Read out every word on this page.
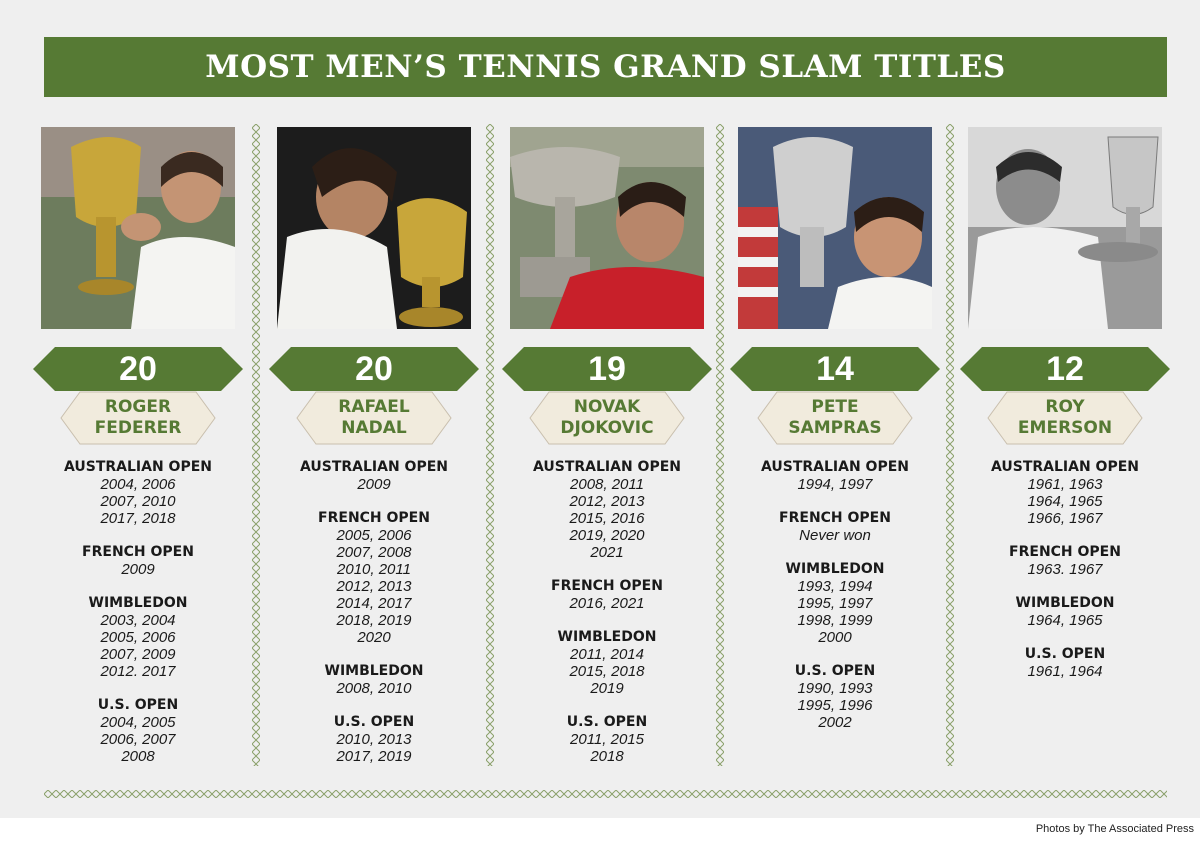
MOST MEN’S TENNIS GRAND SLAM TITLES
20
ROGER
FEDERER
AUSTRALIAN OPEN
2004, 2006
2007, 2010
2017, 2018
FRENCH OPEN
2009
WIMBLEDON
2003, 2004
2005, 2006
2007, 2009
2012. 2017
U.S. OPEN
2004, 2005
2006, 2007
2008
20
RAFAEL
NADAL
AUSTRALIAN OPEN
2009
FRENCH OPEN
2005, 2006
2007, 2008
2010, 2011
2012, 2013
2014, 2017
2018, 2019
2020
WIMBLEDON
2008, 2010
U.S. OPEN
2010, 2013
2017, 2019
19
NOVAK
DJOKOVIC
AUSTRALIAN OPEN
2008, 2011
2012, 2013
2015, 2016
2019, 2020
2021
FRENCH OPEN
2016, 2021
WIMBLEDON
2011, 2014
2015, 2018
2019
U.S. OPEN
2011, 2015
2018
14
PETE
SAMPRAS
AUSTRALIAN OPEN
1994, 1997
FRENCH OPEN
Never won
WIMBLEDON
1993, 1994
1995, 1997
1998, 1999
2000
U.S. OPEN
1990, 1993
1995, 1996
2002
12
ROY
EMERSON
AUSTRALIAN OPEN
1961, 1963
1964, 1965
1966, 1967
FRENCH OPEN
1963. 1967
WIMBLEDON
1964, 1965
U.S. OPEN
1961, 1964
Photos by The Associated Press
